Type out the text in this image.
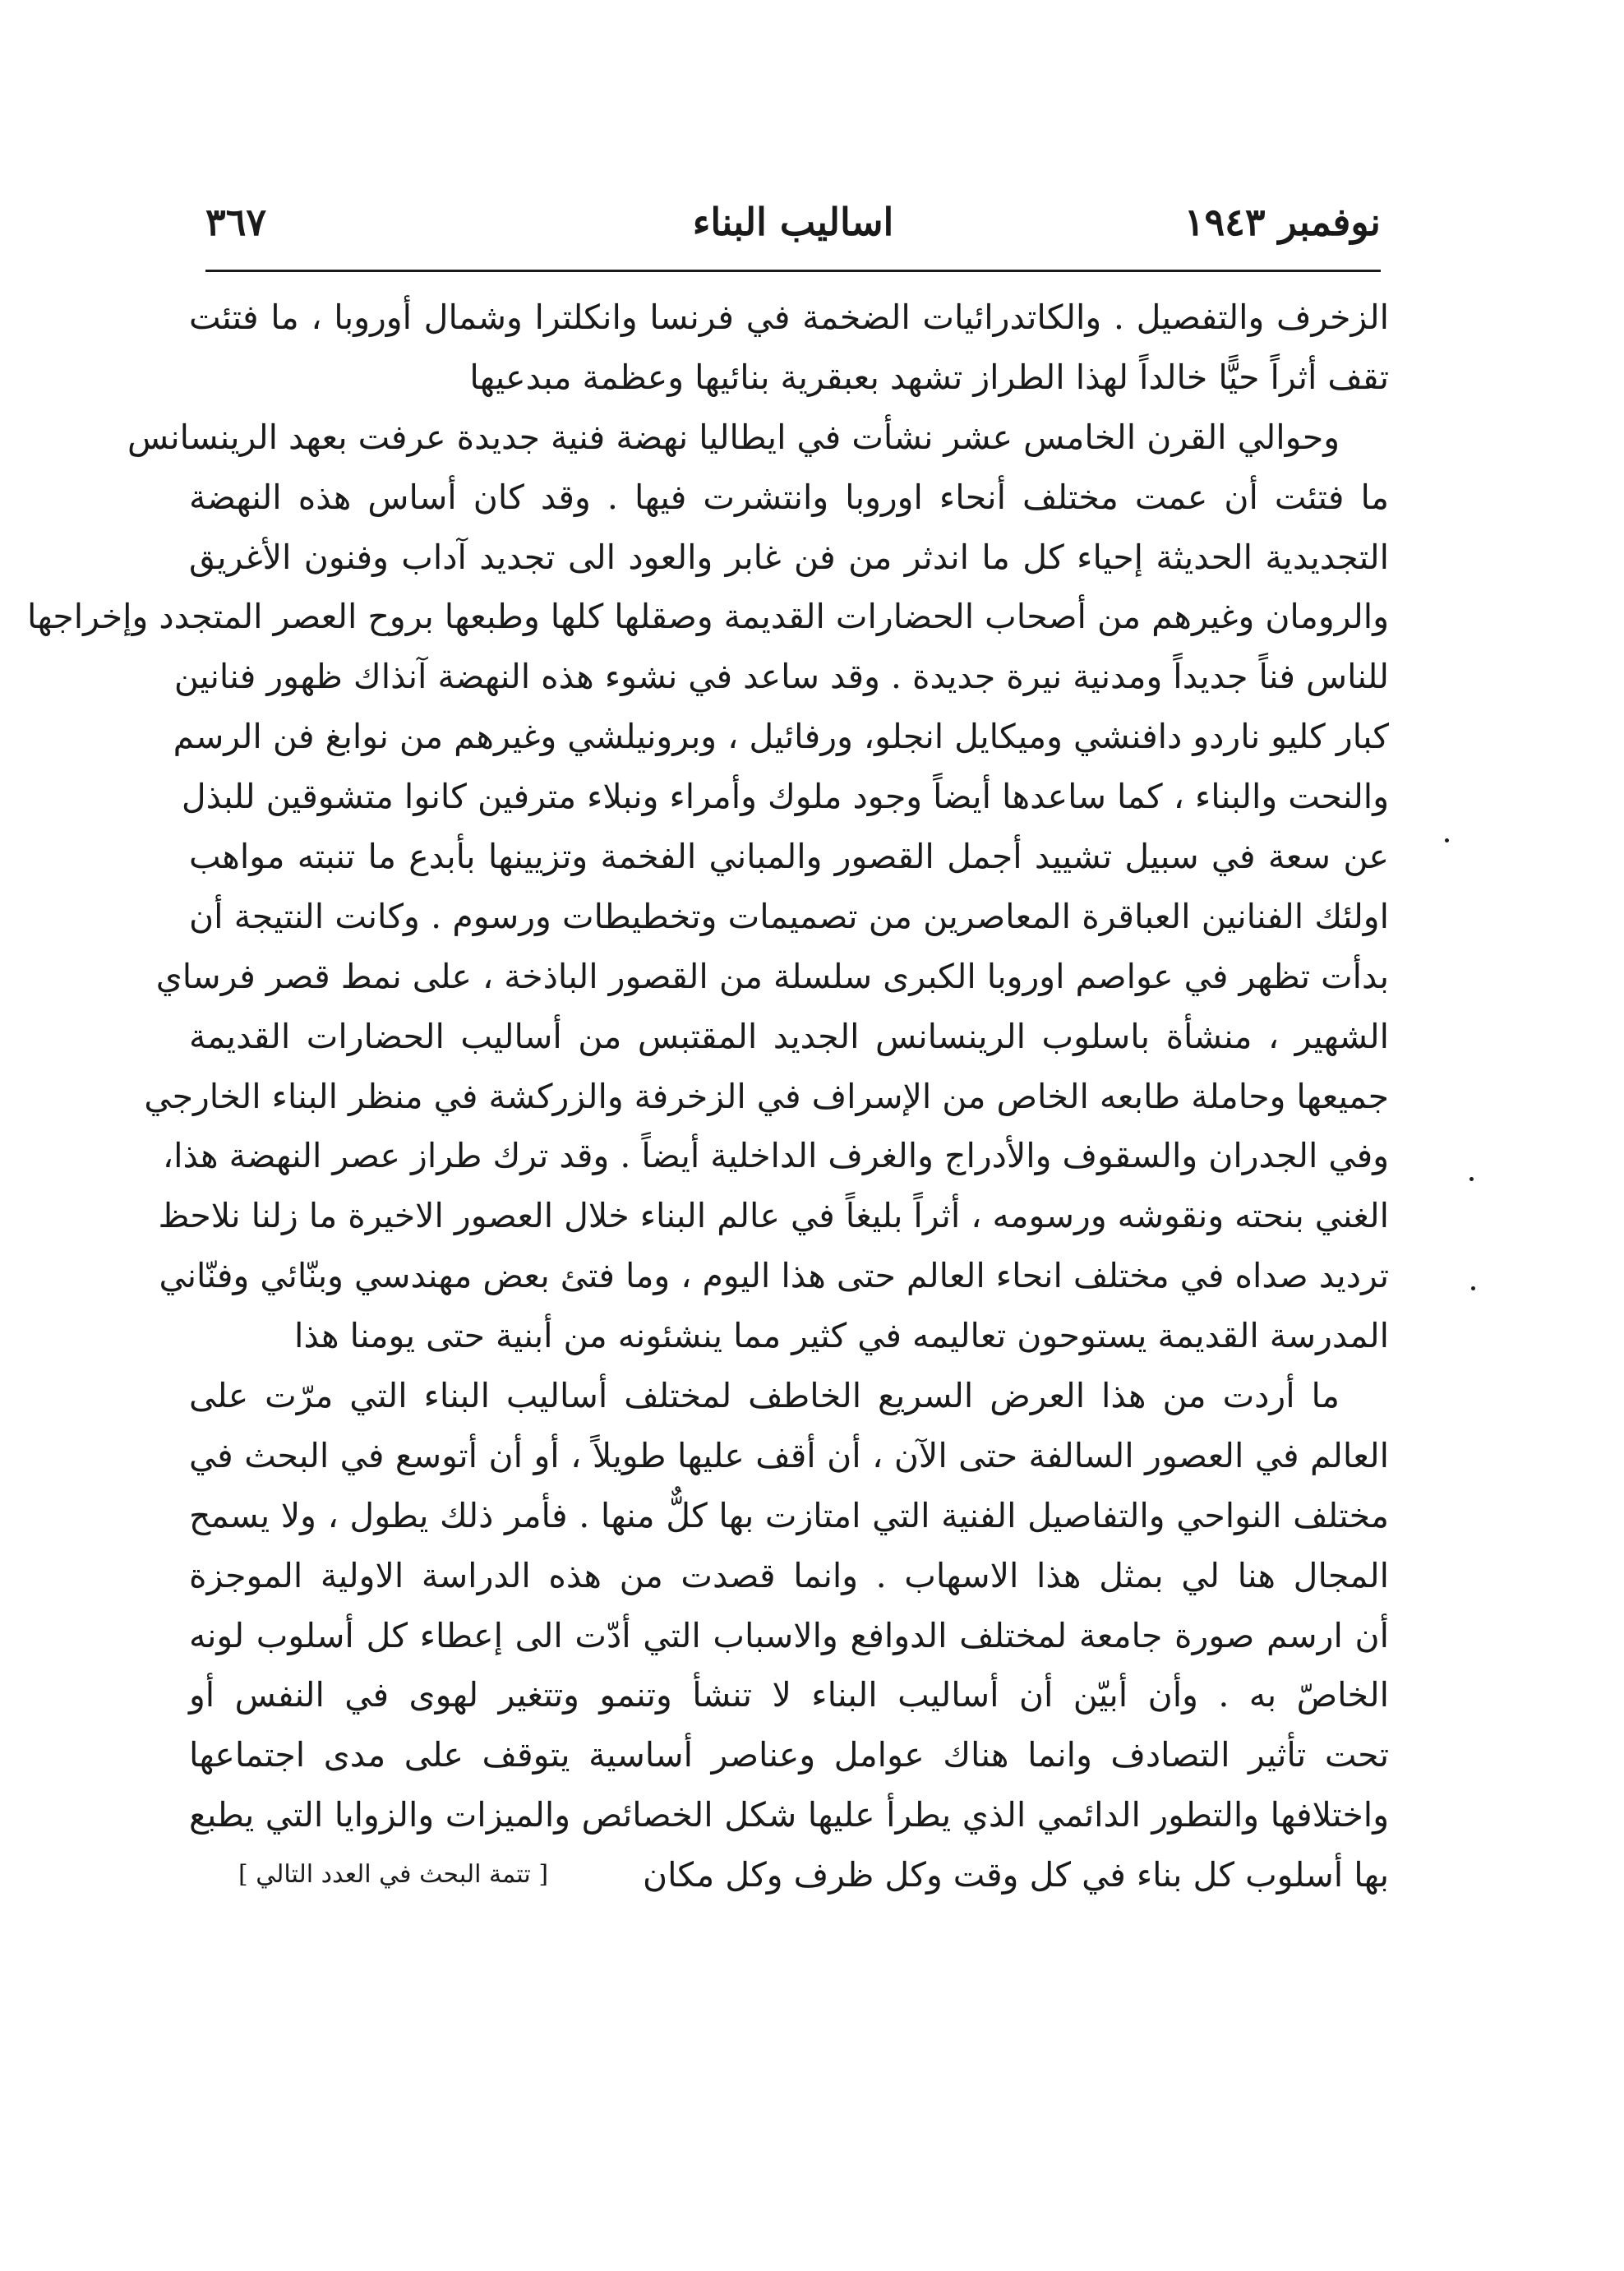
نوفمبر ١٩٤٣
اساليب البناء
٣٦٧
الزخرف والتفصيل . والكاتدرائيات الضخمة في فرنسا وانكلترا وشمال أوروبا ، ما فتئت
تقف أثراً حيًّا خالداً لهذا الطراز تشهد بعبقرية بنائيها وعظمة مبدعيها
وحوالي القرن الخامس عشر نشأت في ايطاليا نهضة فنية جديدة عرفت بعهد الرينسانس
ما فتئت أن عمت مختلف أنحاء اوروبا وانتشرت فيها . وقد كان أساس هذه النهضة
التجديدية الحديثة إحياء كل ما اندثر من فن غابر والعود الى تجديد آداب وفنون الأغريق
والرومان وغيرهم من أصحاب الحضارات القديمة وصقلها كلها وطبعها بروح العصر المتجدد وإخراجها
للناس فناً جديداً ومدنية نيرة جديدة . وقد ساعد في نشوء هذه النهضة آنذاك ظهور فنانين
كبار كليو ناردو دافنشي وميكايل انجلو، ورفائيل ، وبرونيلشي وغيرهم من نوابغ فن الرسم
والنحت والبناء ، كما ساعدها أيضاً وجود ملوك وأمراء ونبلاء مترفين كانوا متشوقين للبذل
عن سعة في سبيل تشييد أجمل القصور والمباني الفخمة وتزيينها بأبدع ما تنبته مواهب
اولئك الفنانين العباقرة المعاصرين من تصميمات وتخطيطات ورسوم . وكانت النتيجة أن
بدأت تظهر في عواصم اوروبا الكبرى سلسلة من القصور الباذخة ، على نمط قصر فرساي
الشهير ، منشأة باسلوب الرينسانس الجديد المقتبس من أساليب الحضارات القديمة
جميعها وحاملة طابعه الخاص من الإسراف في الزخرفة والزركشة في منظر البناء الخارجي
وفي الجدران والسقوف والأدراج والغرف الداخلية أيضاً . وقد ترك طراز عصر النهضة هذا،
الغني بنحته ونقوشه ورسومه ، أثراً بليغاً في عالم البناء خلال العصور الاخيرة ما زلنا نلاحظ
ترديد صداه في مختلف انحاء العالم حتى هذا اليوم ، وما فتئ بعض مهندسي وبنّائي وفنّاني
المدرسة القديمة يستوحون تعاليمه في كثير مما ينشئونه من أبنية حتى يومنا هذا
ما أردت من هذا العرض السريع الخاطف لمختلف أساليب البناء التي مرّت على
العالم في العصور السالفة حتى الآن ، أن أقف عليها طويلاً ، أو أن أتوسع في البحث في
مختلف النواحي والتفاصيل الفنية التي امتازت بها كلٌّ منها . فأمر ذلك يطول ، ولا يسمح
المجال هنا لي بمثل هذا الاسهاب . وانما قصدت من هذه الدراسة الاولية الموجزة
أن ارسم صورة جامعة لمختلف الدوافع والاسباب التي أدّت الى إعطاء كل أسلوب لونه
الخاصّ به . وأن أبيّن أن أساليب البناء لا تنشأ وتنمو وتتغير لهوى في النفس أو
تحت تأثير التصادف وانما هناك عوامل وعناصر أساسية يتوقف على مدى اجتماعها
واختلافها والتطور الدائمي الذي يطرأ عليها شكل الخصائص والميزات والزوايا التي يطبع
بها أسلوب كل بناء في كل وقت وكل ظرف وكل مكان
[ تتمة البحث في العدد التالي ]
